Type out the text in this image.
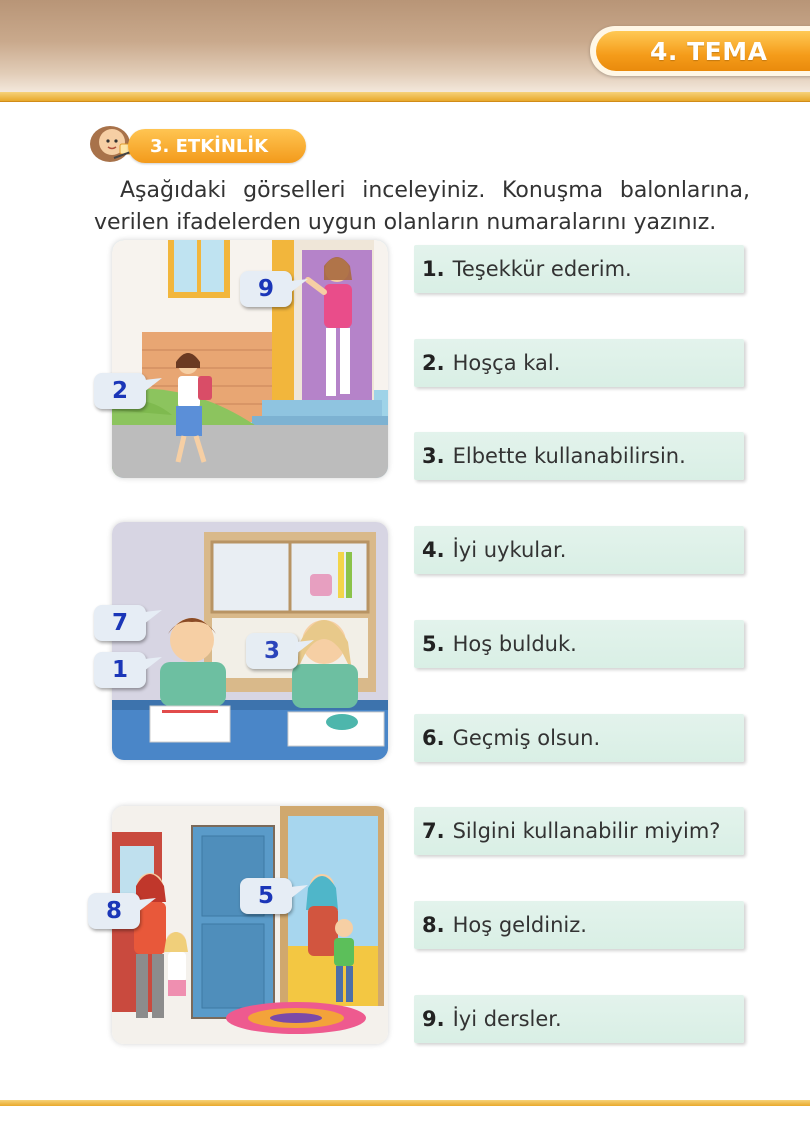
4. TEMA
3. ETKİNLİK

Aşağıdaki görselleri inceleyiniz. Konuşma balonlarına, verilen ifadelerden uygun olanların numaralarını yazınız.

9
2
7
1
3
5
8
1. Teşekkür ederim.
2. Hoşça kal.
3. Elbette kullanabilirsin.
4. İyi uykular.
5. Hoş bulduk.
6. Geçmiş olsun.
7. Silgini kullanabilir miyim?
8. Hoş geldiniz.
9. İyi dersler.
